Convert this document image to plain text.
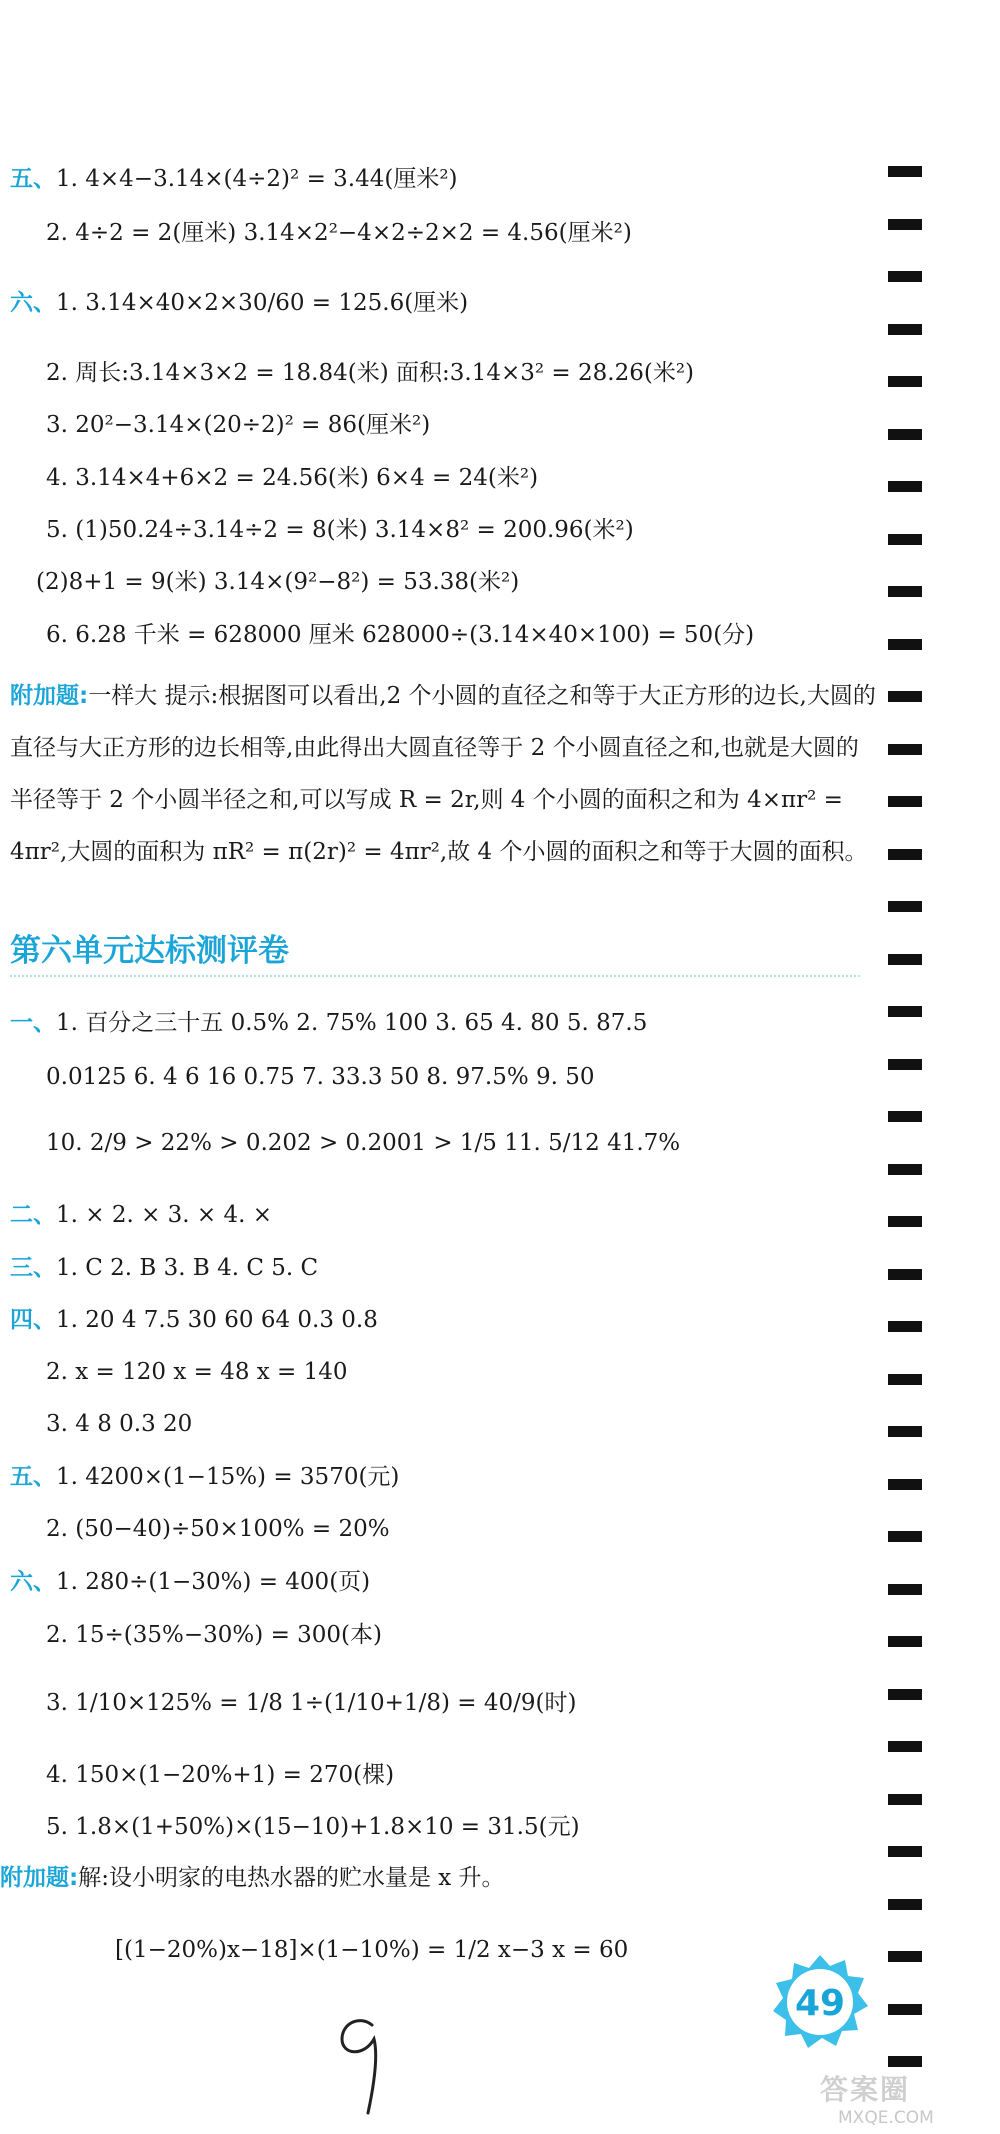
五、1. 4×4−3.14×(4÷2)² = 3.44(厘米²)
2. 4÷2 = 2(厘米) 3.14×2²−4×2÷2×2 = 4.56(厘米²)
六、1. 3.14×40×2×30/60 = 125.6(厘米)
2. 周长:3.14×3×2 = 18.84(米) 面积:3.14×3² = 28.26(米²)
3. 20²−3.14×(20÷2)² = 86(厘米²)
4. 3.14×4+6×2 = 24.56(米) 6×4 = 24(米²)
5. (1)50.24÷3.14÷2 = 8(米) 3.14×8² = 200.96(米²)
(2)8+1 = 9(米) 3.14×(9²−8²) = 53.38(米²)
6. 6.28 千米 = 628000 厘米 628000÷(3.14×40×100) = 50(分)
附加题:一样大 提示:根据图可以看出,2 个小圆的直径之和等于大正方形的边长,大圆的直径与大正方形的边长相等,由此得出大圆直径等于 2 个小圆直径之和,也就是大圆的半径等于 2 个小圆半径之和,可以写成 R = 2r,则 4 个小圆的面积之和为 4×πr² = 4πr²,大圆的面积为 πR² = π(2r)² = 4πr²,故 4 个小圆的面积之和等于大圆的面积。
第六单元达标测评卷
一、1. 百分之三十五 0.5% 2. 75% 100 3. 65 4. 80 5. 87.5
0.0125 6. 4 6 16 0.75 7. 33.3 50 8. 97.5% 9. 50
10. 2/9 > 22% > 0.202 > 0.2001 > 1/5 11. 5/12 41.7%
二、1. × 2. × 3. × 4. ×
三、1. C 2. B 3. B 4. C 5. C
四、1. 20 4 7.5 30 60 64 0.3 0.8
2. x = 120 x = 48 x = 140
3. 4 8 0.3 20
五、1. 4200×(1−15%) = 3570(元)
2. (50−40)÷50×100% = 20%
六、1. 280÷(1−30%) = 400(页)
2. 15÷(35%−30%) = 300(本)
3. 1/10×125% = 1/8 1÷(1/10+1/8) = 40/9(时)
4. 150×(1−20%+1) = 270(棵)
5. 1.8×(1+50%)×(15−10)+1.8×10 = 31.5(元)
附加题:解:设小明家的电热水器的贮水量是 x 升。
[(1−20%)x−18]×(1−10%) = 1/2 x−3 x = 60
9	49
答案圈
MXQE.COM
